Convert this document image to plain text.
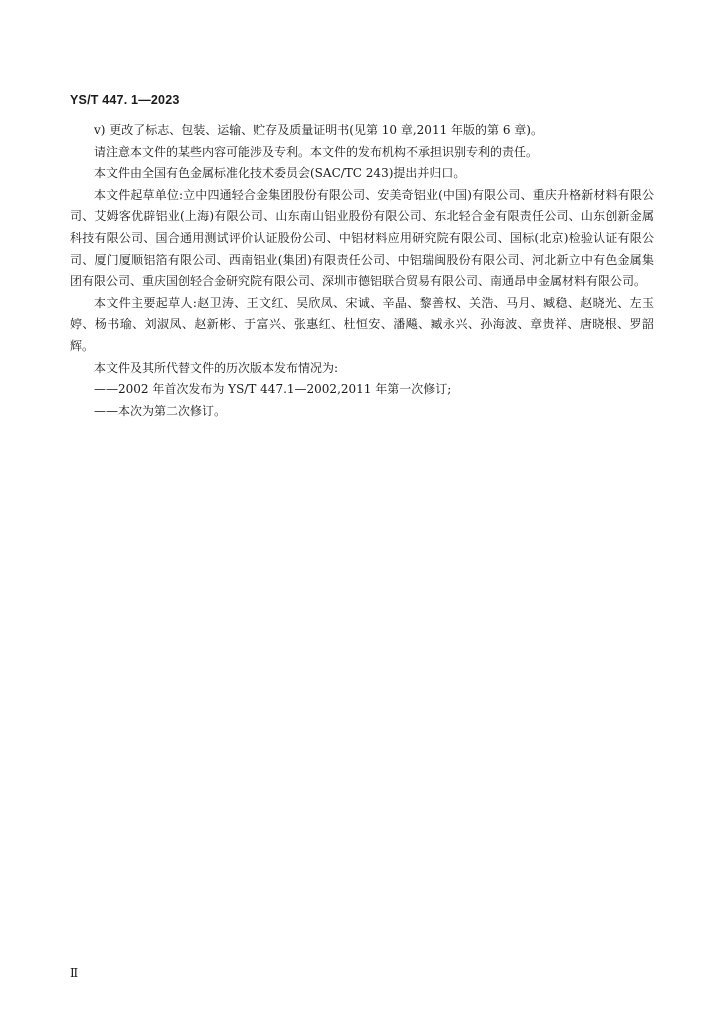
YS/T 447. 1—2023

v) 更改了标志、包装、运输、贮存及质量证明书(见第 10 章,2011 年版的第 6 章)。

请注意本文件的某些内容可能涉及专利。本文件的发布机构不承担识别专利的责任。

本文件由全国有色金属标准化技术委员会(SAC/TC 243)提出并归口。

本文件起草单位:立中四通轻合金集团股份有限公司、安美奇铝业(中国)有限公司、重庆升格新材料有限公司、艾姆客优辟铝业(上海)有限公司、山东南山铝业股份有限公司、东北轻合金有限责任公司、山东创新金属科技有限公司、国合通用测试评价认证股份公司、中铝材料应用研究院有限公司、国标(北京)检验认证有限公司、厦门厦顺铝箔有限公司、西南铝业(集团)有限责任公司、中铝瑞闽股份有限公司、河北新立中有色金属集团有限公司、重庆国创轻合金研究院有限公司、深圳市德铝联合贸易有限公司、南通昂申金属材料有限公司。

本文件主要起草人:赵卫涛、王文红、吴欣凤、宋诚、辛晶、黎善权、关浩、马月、臧稳、赵晓光、左玉婷、杨书瑜、刘淑凤、赵新彬、于富兴、张惠红、杜恒安、潘飚、臧永兴、孙海波、章贵祥、唐晓根、罗韶辉。

本文件及其所代替文件的历次版本发布情况为:

——2002 年首次发布为 YS/T 447.1—2002,2011 年第一次修订;

——本次为第二次修订。

Ⅱ
